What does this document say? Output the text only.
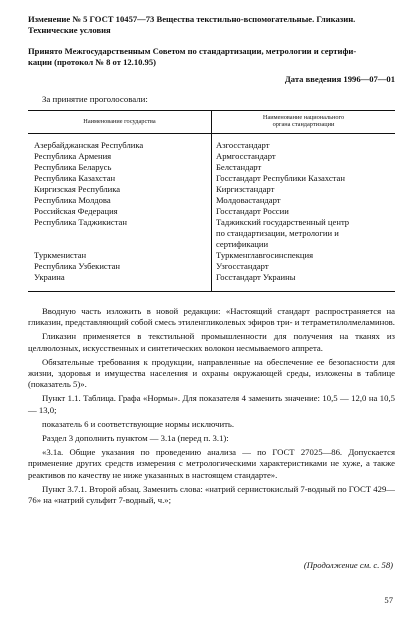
Изменение № 5 ГОСТ 10457—73 Вещества текстильно-вспомогательные. Гликазин.

Технические условия

Принято Межгосударственным Советом по стандартизации, метрологии и сертифи-
кации (протокол № 8 от 12.10.95)
Дата введения 1996—07—01
За принятие проголосовали:
Наименование государства	Наименование национального
органа стандартизации

Азербайджанская Республика	Азгосстандарт

Республика Армения	Армгосстандарт

Республика Беларусь	Белстандарт

Республика Казахстан	Госстандарт Республики Казахстан

Киргизская Республика	Киргизстандарт

Республика Молдова	Молдовастандарт

Российская Федерация	Госстандарт России

Республика Таджикистан	Таджикский государственный центр
по стандартизации, метрологии и
сертификации

Туркменистан	Туркменглавгосинспекция

Республика Узбекистан	Узгосстандарт

Украина	Госстандарт Украины

Вводную часть изложить в новой редакции: «Настоящий стандарт распространяется на гликазин, представляющий собой смесь этиленгликолевых эфиров три- и тетраметилолмеламинов.

Гликазин применяется в текстильной промышленности для получения на тканях из целлюлозных, искусственных и синтетических волокон несмываемого аппрета.

Обязательные требования к продукции, направленные на обеспечение ее безопасности для жизни, здоровья и имущества населения и охраны окружающей среды, изложены в таблице (показатель 5)».

Пункт 1.1. Таблица. Графа «Нормы». Для показателя 4 заменить значение: 10,5 — 12,0 на 10,5 — 13,0;

показатель 6 и соответствующие нормы исключить.

Раздел 3 дополнить пунктом — 3.1а (перед п. 3.1):

«3.1а. Общие указания по проведению анализа — по ГОСТ 27025—86. Допускается применение других средств измерения с метрологическими характеристиками не хуже, а также реактивов по качеству не ниже указанных в настоящем стандарте».

Пункт 3.7.1. Второй абзац. Заменить слова: «натрий сернистокислый 7-водный по ГОСТ 429—76» на «натрий сульфит 7-водный, ч.»;

(Продолжение см. с. 58)
57
